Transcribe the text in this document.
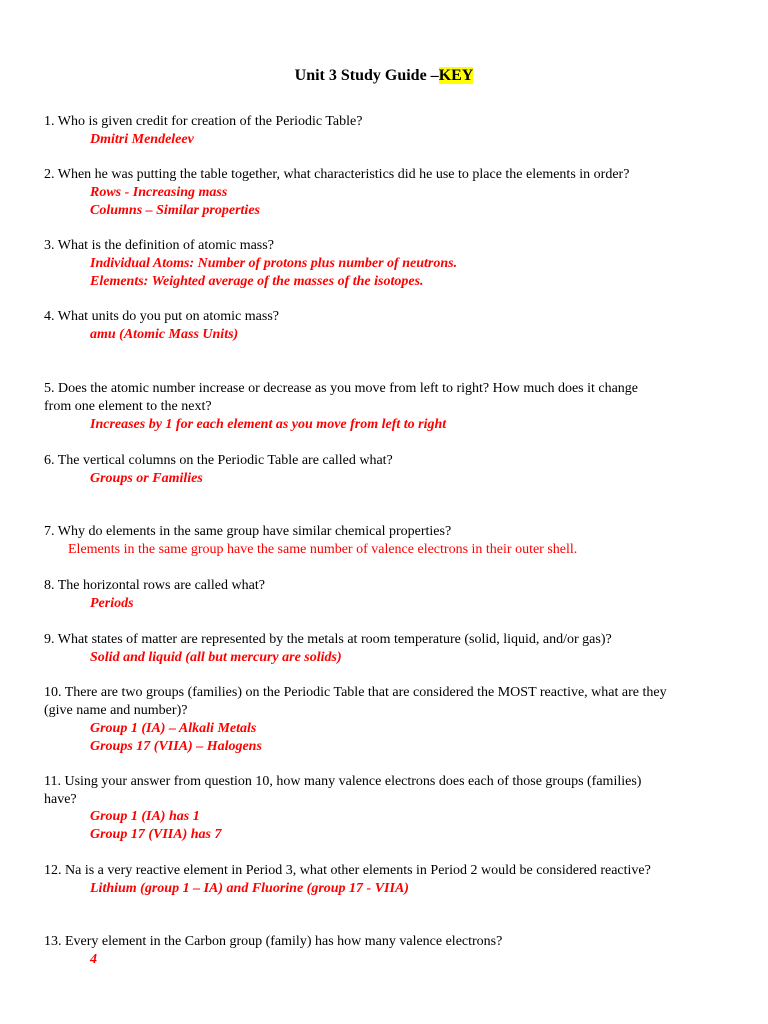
Unit 3 Study Guide –KEY
1. Who is given credit for creation of the Periodic Table?
Dmitri Mendeleev
2. When he was putting the table together, what characteristics did he use to place the elements in order?
Rows - Increasing mass
Columns – Similar properties
3. What is the definition of atomic mass?
Individual Atoms: Number of protons plus number of neutrons.
Elements: Weighted average of the masses of the isotopes.
4. What units do you put on atomic mass?
amu (Atomic Mass Units)
5. Does the atomic number increase or decrease as you move from left to right? How much does it change
from one element to the next?
Increases by 1 for each element as you move from left to right
6. The vertical columns on the Periodic Table are called what?
Groups or Families
7. Why do elements in the same group have similar chemical properties?
Elements in the same group have the same number of valence electrons in their outer shell.
8. The horizontal rows are called what?
Periods
9. What states of matter are represented by the metals at room temperature (solid, liquid, and/or gas)?
Solid and liquid (all but mercury are solids)
10. There are two groups (families) on the Periodic Table that are considered the MOST reactive, what are they
(give name and number)?
Group 1 (IA) – Alkali Metals
Groups 17 (VIIA) – Halogens
11. Using your answer from question 10, how many valence electrons does each of those groups (families)
have?
Group 1 (IA) has 1
Group 17 (VIIA) has 7
12. Na is a very reactive element in Period 3, what other elements in Period 2 would be considered reactive?
Lithium (group 1 – IA) and Fluorine (group 17 - VIIA)
13. Every element in the Carbon group (family) has how many valence electrons?
4
